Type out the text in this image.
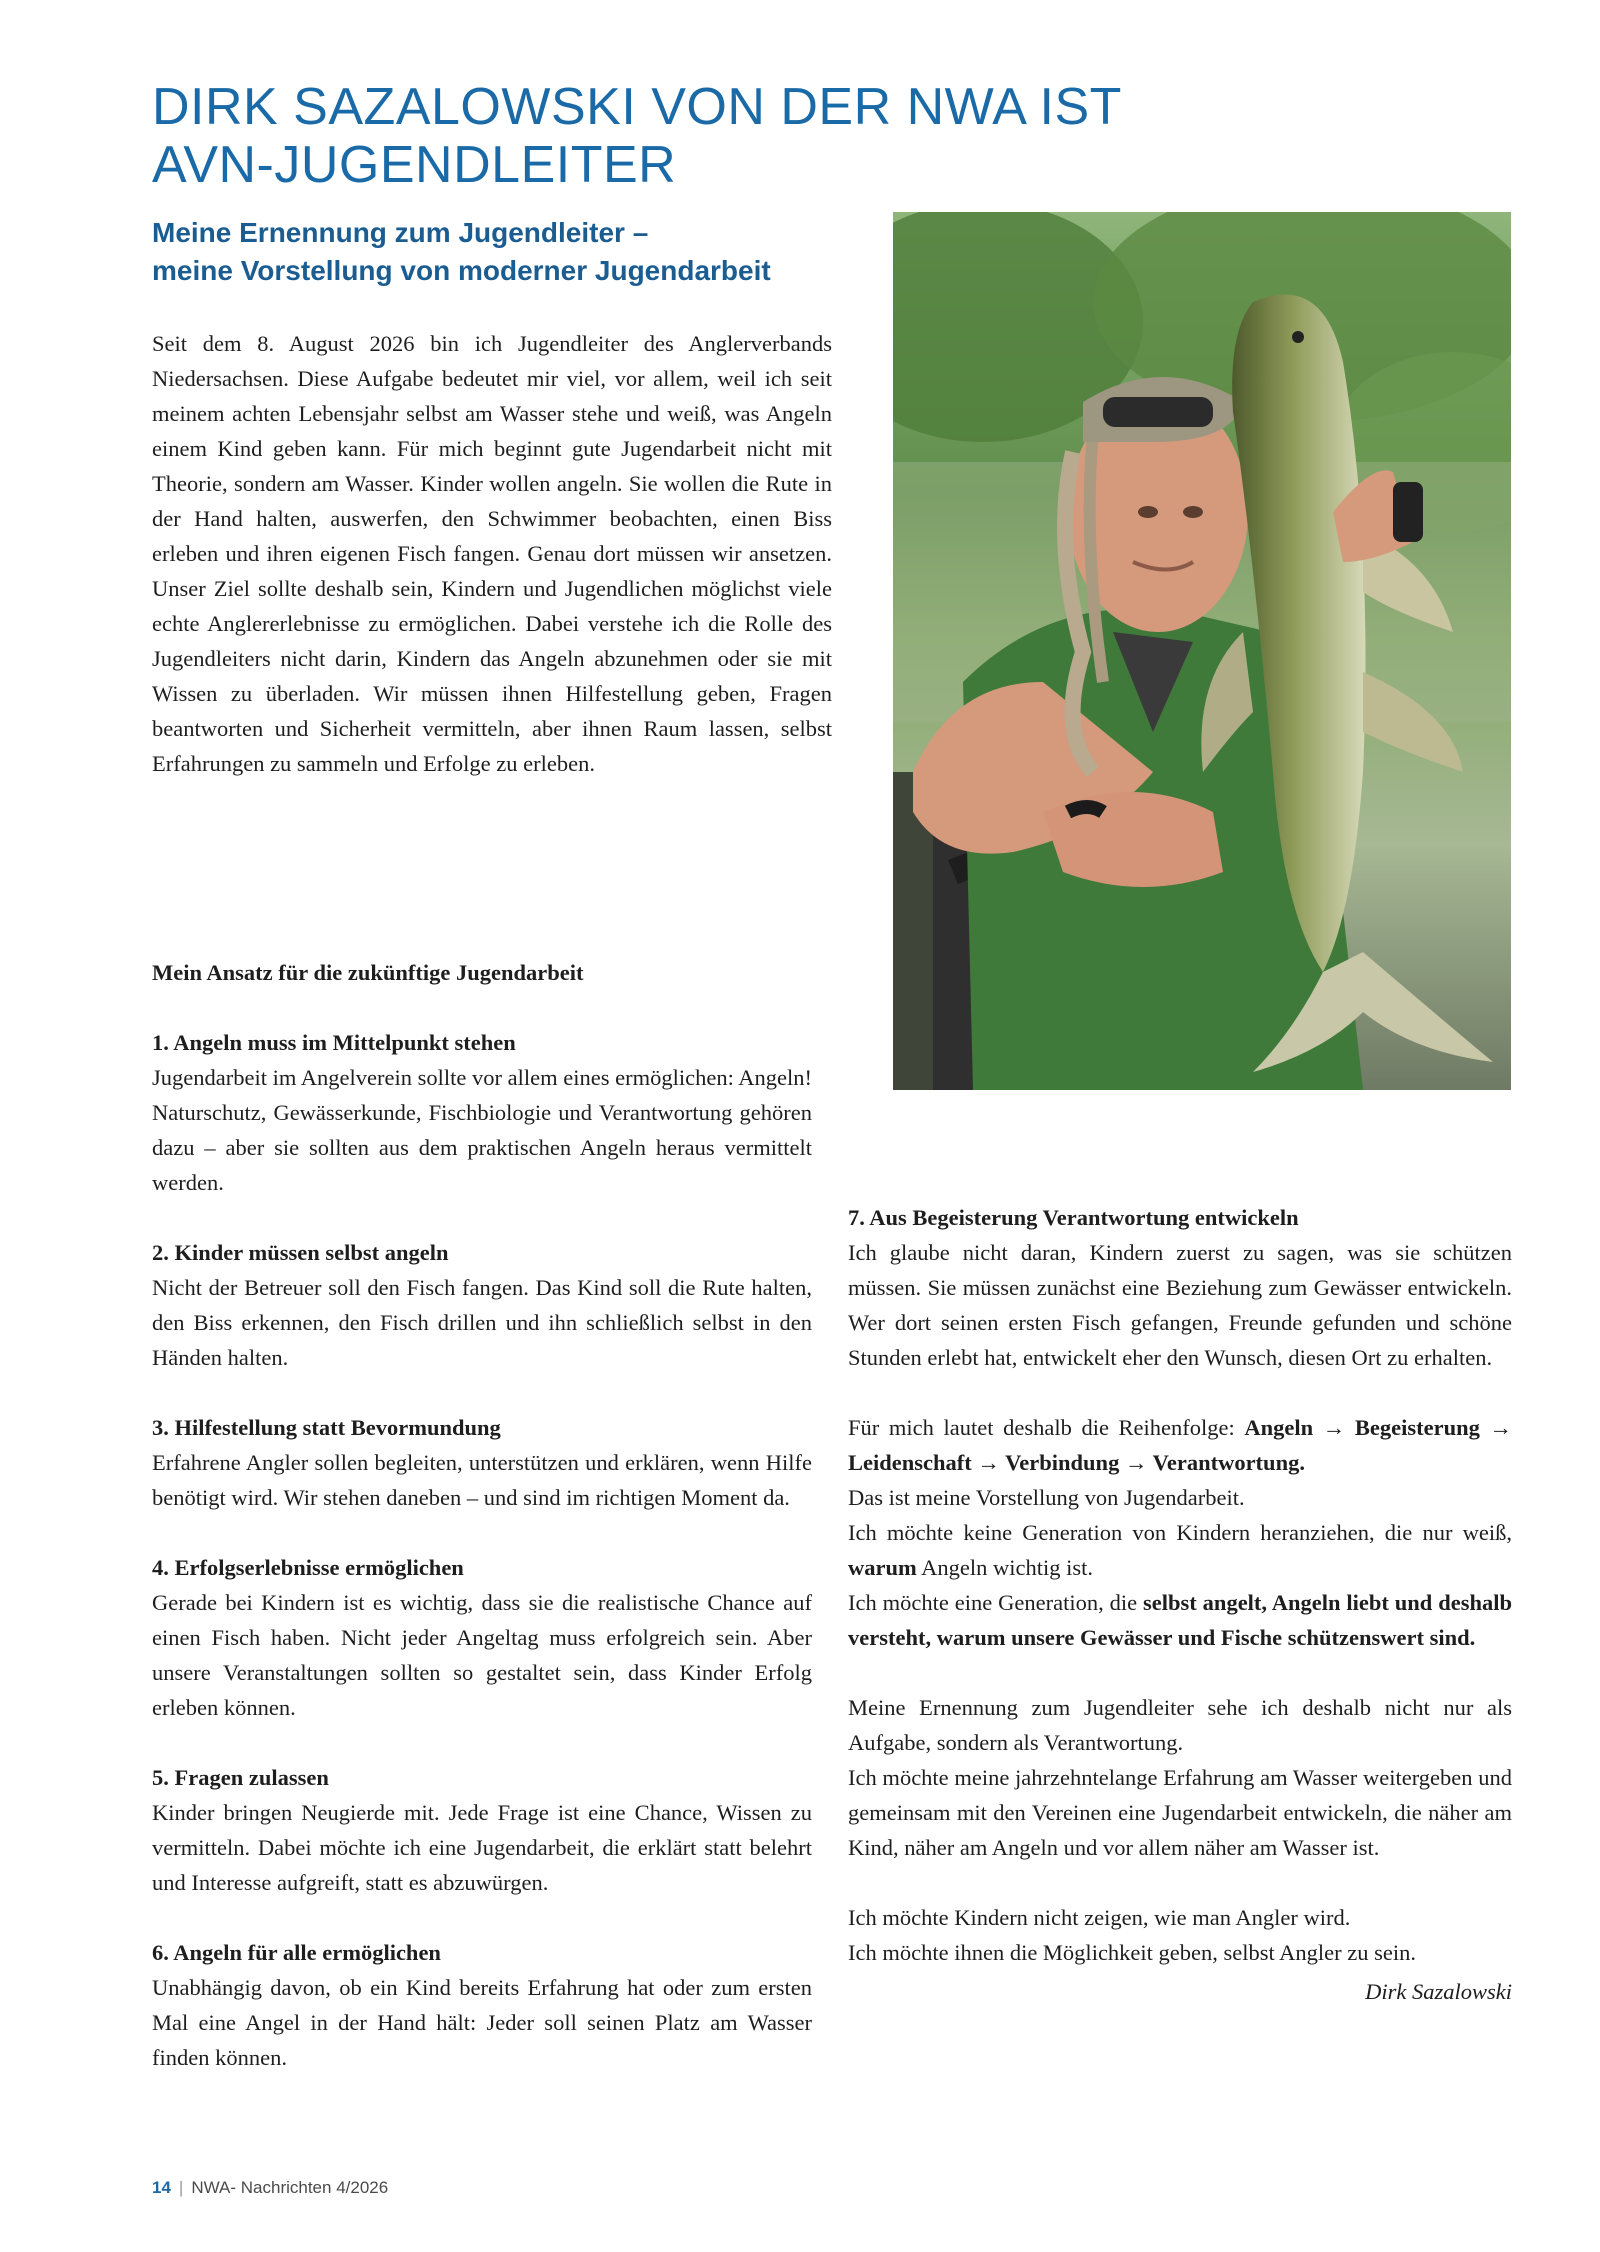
DIRK SAZALOWSKI VON DER NWA IST
AVN-JUGENDLEITER
Meine Ernennung zum Jugendleiter –
meine Vorstellung von moderner Jugendarbeit

Seit dem 8. August 2026 bin ich Jugendleiter des Anglerverbands Niedersachsen. Diese Aufgabe bedeutet mir viel, vor allem, weil ich seit meinem achten Lebensjahr selbst am Wasser stehe und weiß, was Angeln einem Kind geben kann. Für mich beginnt gute Jugendarbeit nicht mit Theorie, sondern am Wasser. Kinder wollen angeln. Sie wollen die Rute in der Hand halten, auswerfen, den Schwimmer beobachten, einen Biss erleben und ihren eigenen Fisch fangen. Genau dort müssen wir ansetzen. Unser Ziel sollte deshalb sein, Kindern und Jugendlichen möglichst viele echte Anglererlebnisse zu ermöglichen. Dabei verstehe ich die Rolle des Jugendleiters nicht darin, Kindern das Angeln abzunehmen oder sie mit Wissen zu überladen. Wir müssen ihnen Hilfestellung geben, Fragen beantworten und Sicherheit vermitteln, aber ihnen Raum lassen, selbst Erfahrungen zu sammeln und Erfolge zu erleben.

Mein Ansatz für die zukünftige Jugendarbeit

1. Angeln muss im Mittelpunkt stehen

Jugendarbeit im Angelverein sollte vor allem eines ermöglichen: Angeln! Naturschutz, Gewässerkunde, Fischbiologie und Verantwortung gehören dazu – aber sie sollten aus dem praktischen Angeln heraus vermittelt werden.

2. Kinder müssen selbst angeln

Nicht der Betreuer soll den Fisch fangen. Das Kind soll die Rute halten, den Biss erkennen, den Fisch drillen und ihn schließlich selbst in den Händen halten.

3. Hilfestellung statt Bevormundung

Erfahrene Angler sollen begleiten, unterstützen und erklären, wenn Hilfe benötigt wird. Wir stehen daneben – und sind im richtigen Moment da.

4. Erfolgserlebnisse ermöglichen

Gerade bei Kindern ist es wichtig, dass sie die realistische Chance auf einen Fisch haben. Nicht jeder Angeltag muss erfolgreich sein. Aber unsere Veranstaltungen sollten so gestaltet sein, dass Kinder Erfolg erleben können.

5. Fragen zulassen

Kinder bringen Neugierde mit. Jede Frage ist eine Chance, Wissen zu vermitteln. Dabei möchte ich eine Jugendarbeit, die erklärt statt belehrt und Interesse aufgreift, statt es abzuwürgen.

6. Angeln für alle ermöglichen

Unabhängig davon, ob ein Kind bereits Erfahrung hat oder zum ersten Mal eine Angel in der Hand hält: Jeder soll seinen Platz am Wasser finden können.

7. Aus Begeisterung Verantwortung entwickeln

Ich glaube nicht daran, Kindern zuerst zu sagen, was sie schützen müssen. Sie müssen zunächst eine Beziehung zum Gewässer entwickeln. Wer dort seinen ersten Fisch gefangen, Freunde gefunden und schöne Stunden erlebt hat, entwickelt eher den Wunsch, diesen Ort zu erhalten.

Für mich lautet deshalb die Reihenfolge: Angeln → Begeisterung → Leidenschaft → Verbindung → Verantwortung.

Das ist meine Vorstellung von Jugendarbeit.

Ich möchte keine Generation von Kindern heranziehen, die nur weiß, warum Angeln wichtig ist.

Ich möchte eine Generation, die selbst angelt, Angeln liebt und deshalb versteht, warum unsere Gewässer und Fische schützenswert sind.

Meine Ernennung zum Jugendleiter sehe ich deshalb nicht nur als Aufgabe, sondern als Verantwortung.

Ich möchte meine jahrzehntelange Erfahrung am Wasser weitergeben und gemeinsam mit den Vereinen eine Jugendarbeit entwickeln, die näher am Kind, näher am Angeln und vor allem näher am Wasser ist.

Ich möchte Kindern nicht zeigen, wie man Angler wird.

Ich möchte ihnen die Möglichkeit geben, selbst Angler zu sein.

Dirk Sazalowski

14 | NWA- Nachrichten 4/2026
